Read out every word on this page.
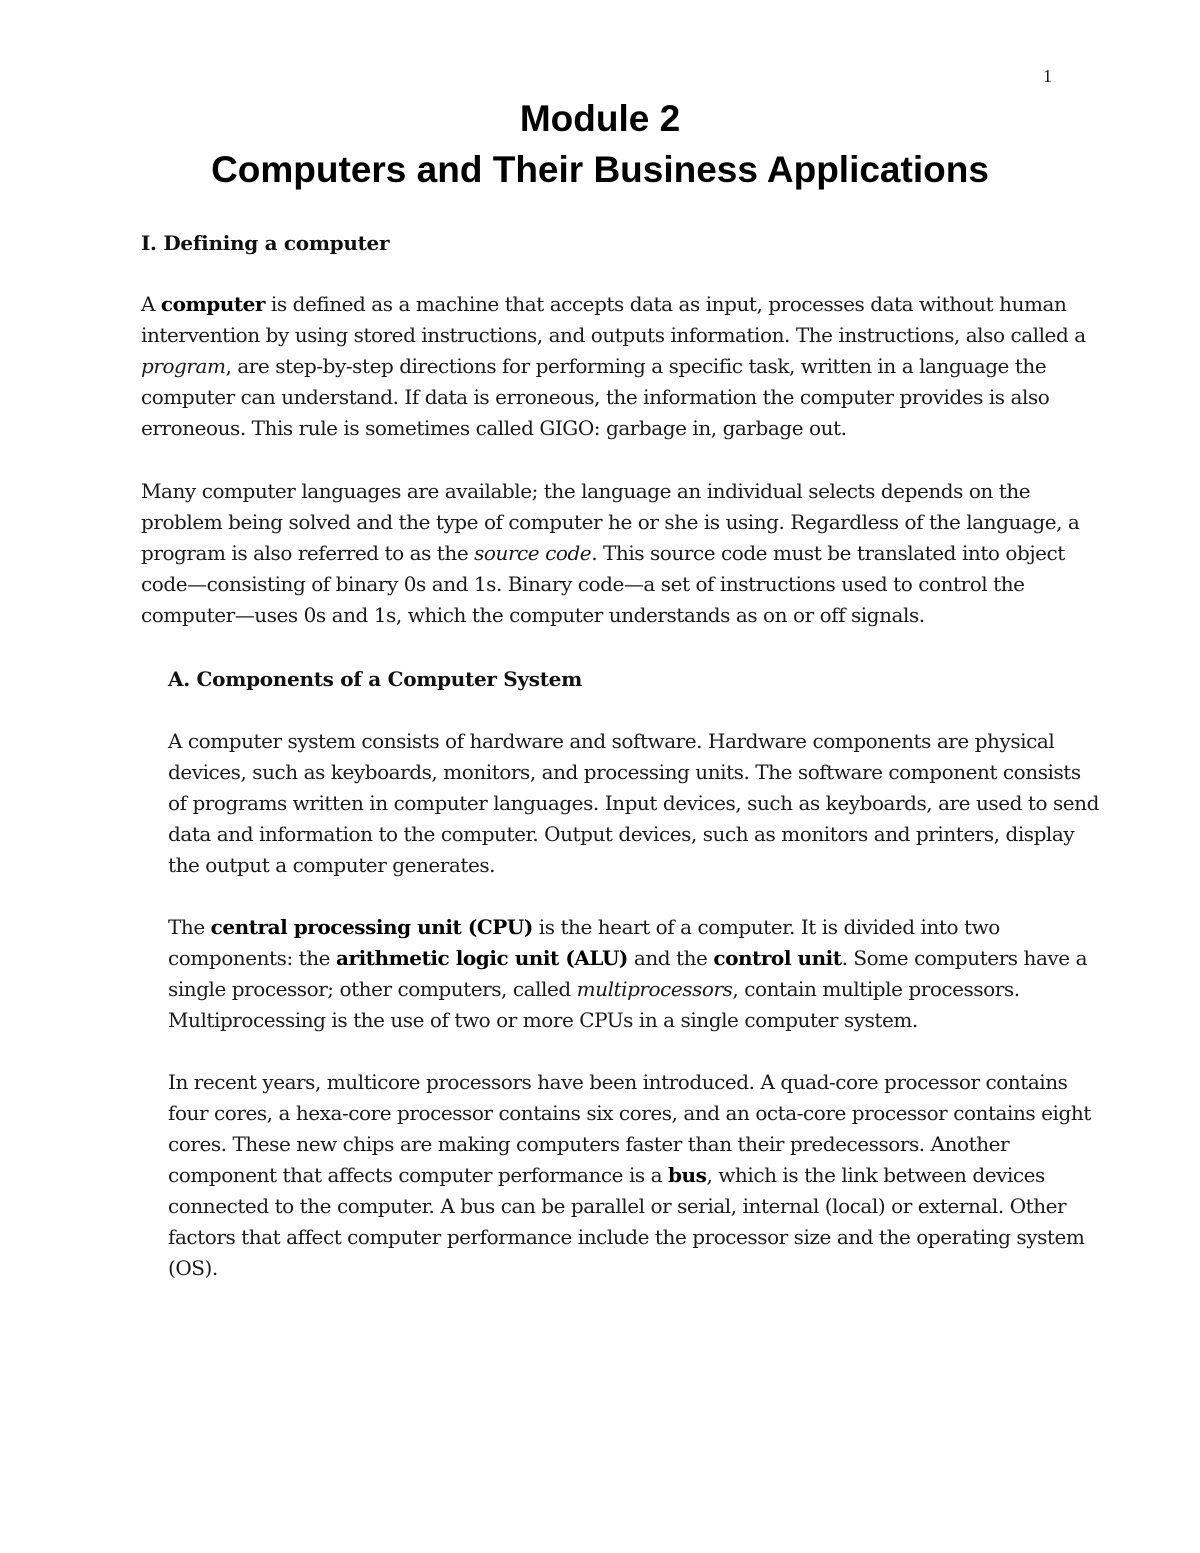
1
Module 2
Computers and Their Business Applications
I. Defining a computer

A computer is defined as a machine that accepts data as input, processes data without human
intervention by using stored instructions, and outputs information. The instructions, also called a
program, are step-by-step directions for performing a specific task, written in a language the
computer can understand. If data is erroneous, the information the computer provides is also
erroneous. This rule is sometimes called GIGO: garbage in, garbage out.

Many computer languages are available; the language an individual selects depends on the
problem being solved and the type of computer he or she is using. Regardless of the language, a
program is also referred to as the source code. This source code must be translated into object
code—consisting of binary 0s and 1s. Binary code—a set of instructions used to control the
computer—uses 0s and 1s, which the computer understands as on or off signals.

A. Components of a Computer System

A computer system consists of hardware and software. Hardware components are physical
devices, such as keyboards, monitors, and processing units. The software component consists
of programs written in computer languages. Input devices, such as keyboards, are used to send
data and information to the computer. Output devices, such as monitors and printers, display
the output a computer generates.

The central processing unit (CPU) is the heart of a computer. It is divided into two
components: the arithmetic logic unit (ALU) and the control unit. Some computers have a
single processor; other computers, called multiprocessors, contain multiple processors.
Multiprocessing is the use of two or more CPUs in a single computer system.

In recent years, multicore processors have been introduced. A quad-core processor contains
four cores, a hexa-core processor contains six cores, and an octa-core processor contains eight
cores. These new chips are making computers faster than their predecessors. Another
component that affects computer performance is a bus, which is the link between devices
connected to the computer. A bus can be parallel or serial, internal (local) or external. Other
factors that affect computer performance include the processor size and the operating system
(OS).
